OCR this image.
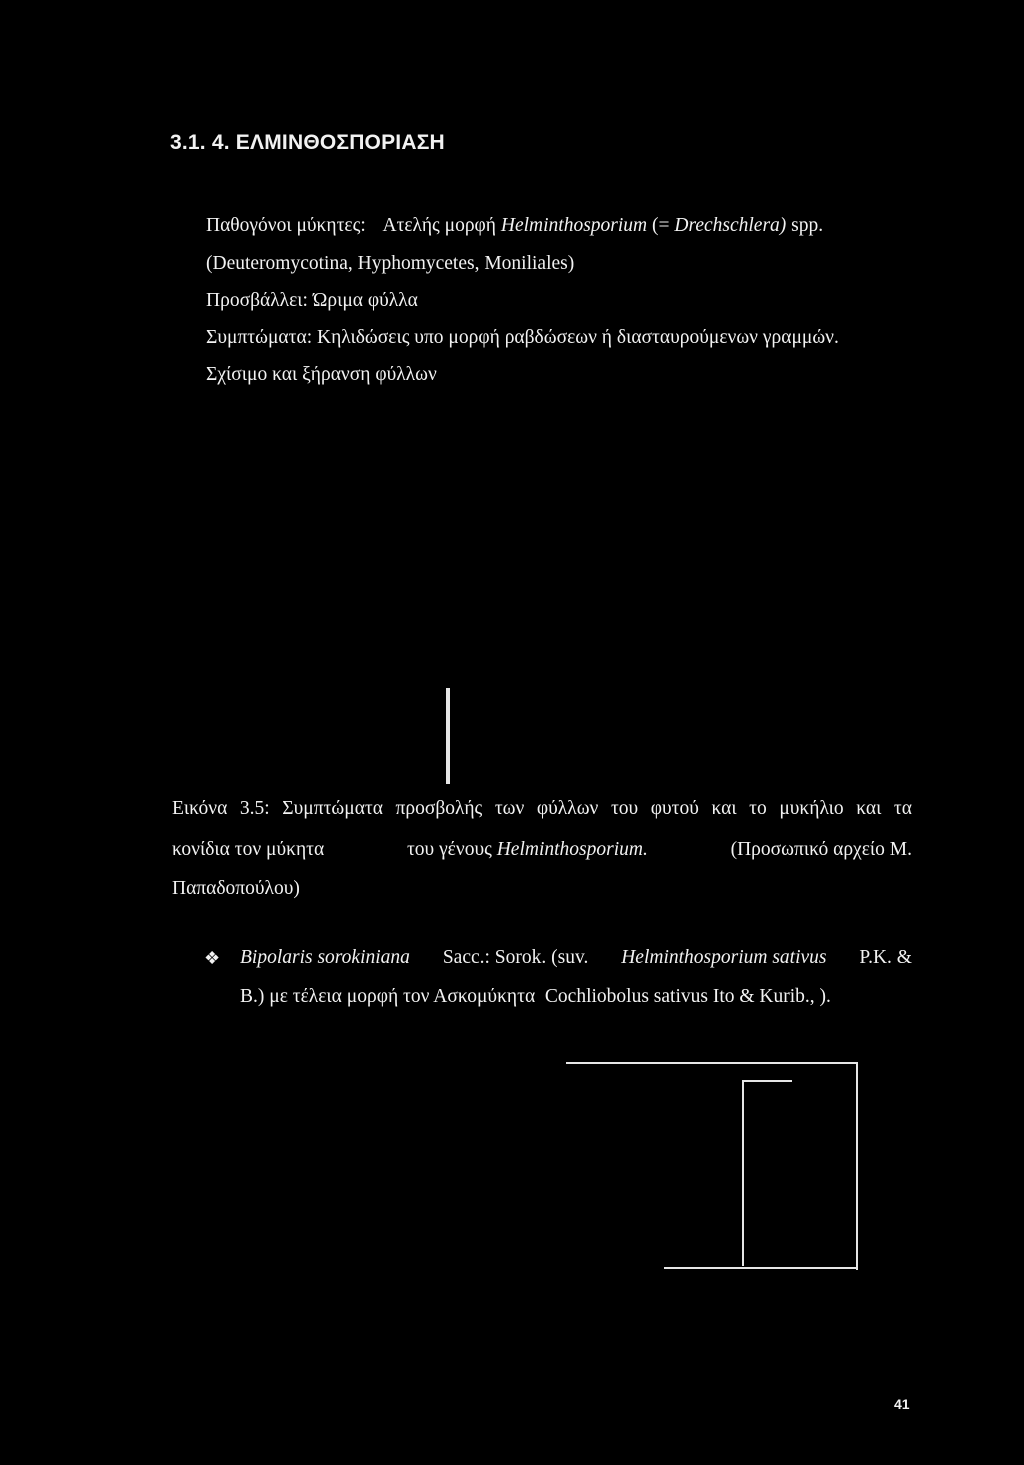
3.1. 4. ΕΛΜΙΝΘΟΣΠΟΡΙΑΣΗ
Παθογόνοι μύκητες: Ατελής μορφή Helminthosporium (= Drechschlera) spp.
(Deuteromycotina, Hyphomycetes, Moniliales)
Προσβάλλει: Ώριμα φύλλα
Συμπτώματα: Κηλιδώσεις υπο μορφή ραβδώσεων ή διασταυρούμενων γραμμών.
Σχίσιμο και ξήρανση φύλλων
Εικόνα 3.5: Συμπτώματα προσβολής των φύλλων του φυτού και το μυκήλιο και τα
κονίδια τον μύκητα	του γένους Helminthosporium.	(Προσωπικό αρχείο Μ.
Παπαδοπούλου)
❖ Bipolaris sorokiniana Sacc.: Sorok. (suv. Helminthosporium sativus P.K. &
B.) με τέλεια μορφή τον Ασκομύκητα  Cochliobolus sativus Ito & Kurib., ).
41
